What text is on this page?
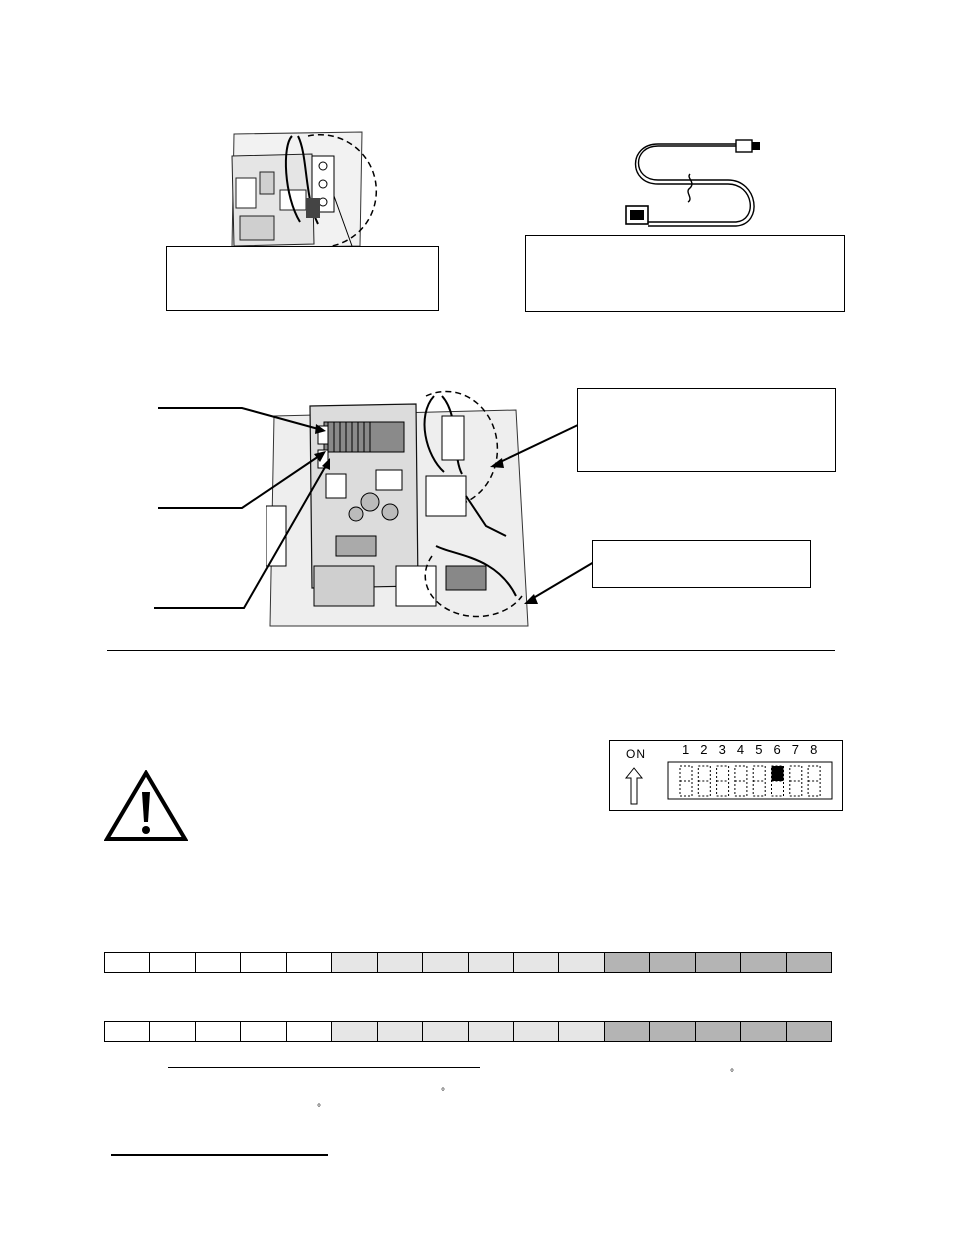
ON	1 2 3 4 5 6 7 8
°
°
°
